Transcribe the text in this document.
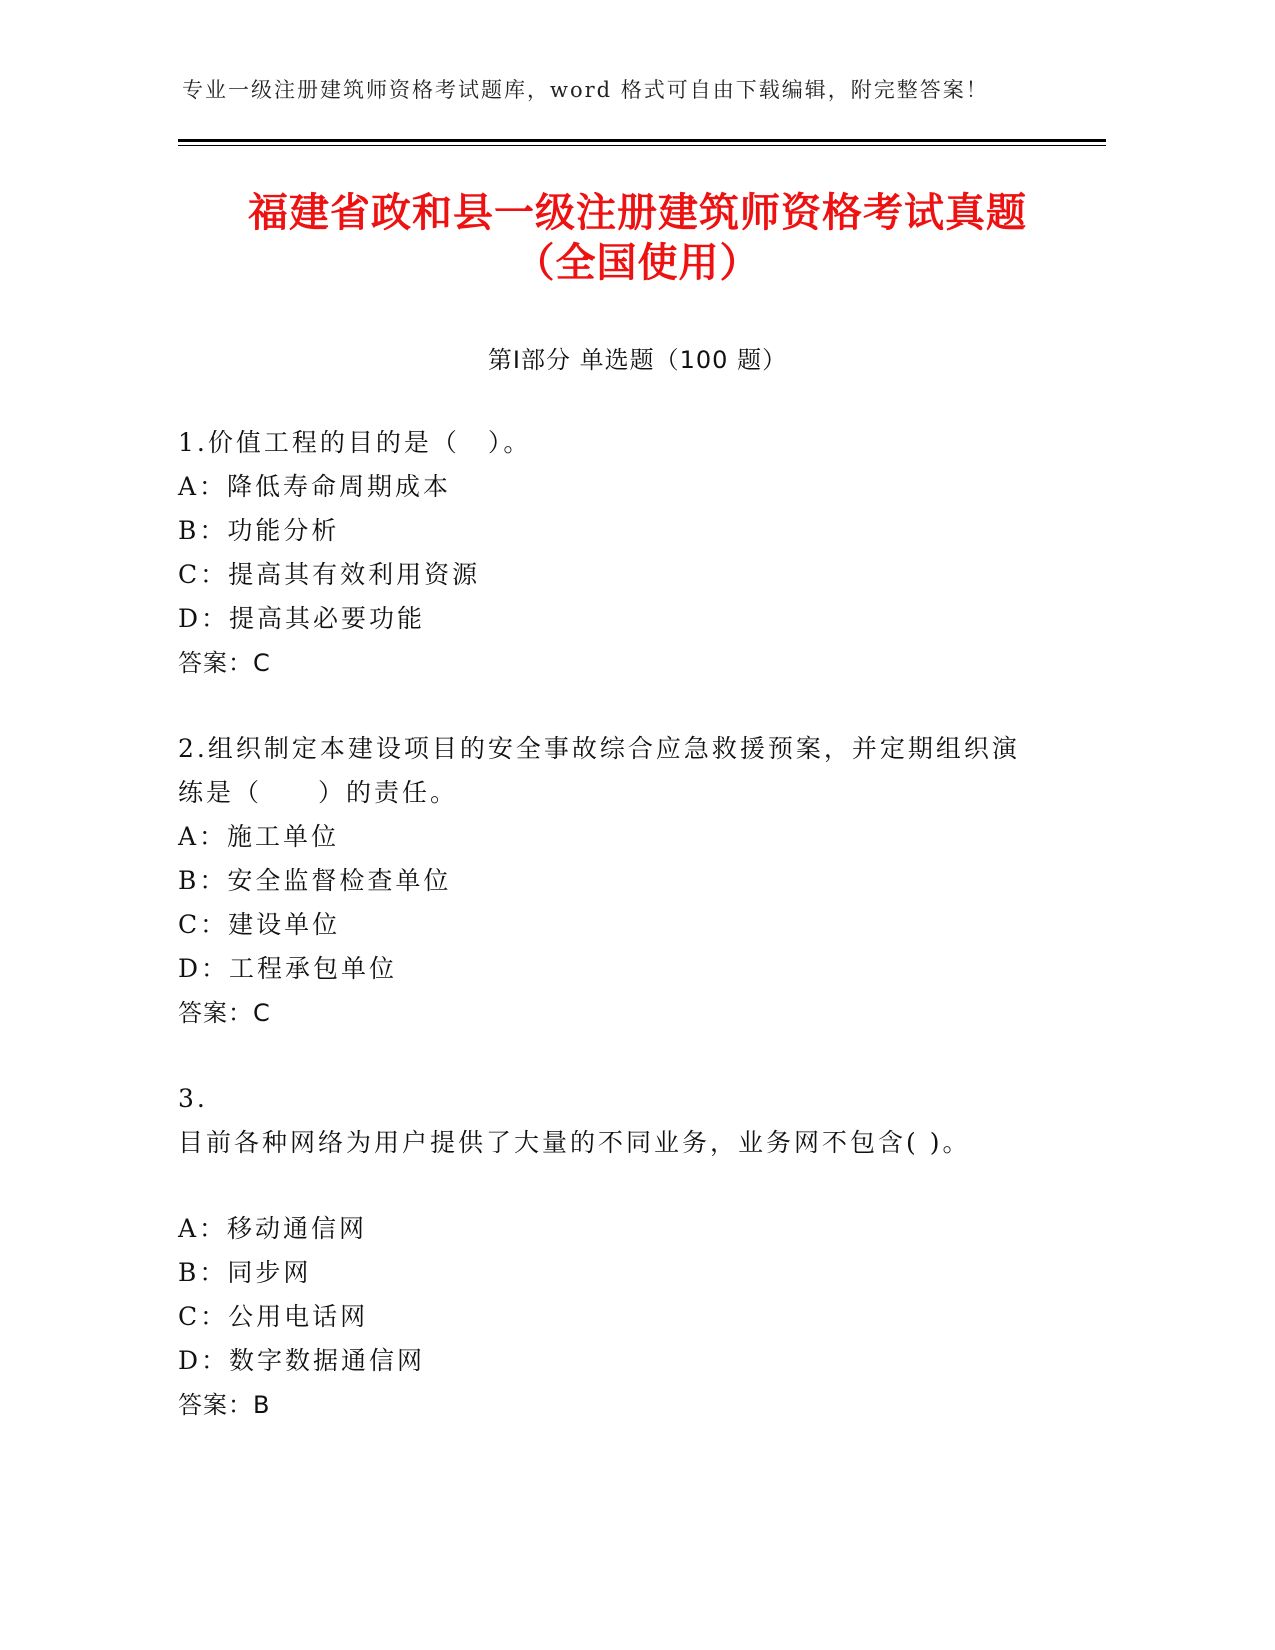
专业一级注册建筑师资格考试题库，word 格式可自由下载编辑，附完整答案！
福建省政和县一级注册建筑师资格考试真题
（全国使用）
第Ⅰ部分 单选题（100 题）
1.价值工程的目的是（　）。
A：降低寿命周期成本
B：功能分析
C：提高其有效利用资源
D：提高其必要功能
答案：C
2.组织制定本建设项目的安全事故综合应急救援预案，并定期组织演
练是（　　）的责任。
A：施工单位
B：安全监督检查单位
C：建设单位
D：工程承包单位
答案：C
3.
目前各种网络为用户提供了大量的不同业务，业务网不包含( )。
A：移动通信网
B：同步网
C：公用电话网
D：数字数据通信网
答案：B
